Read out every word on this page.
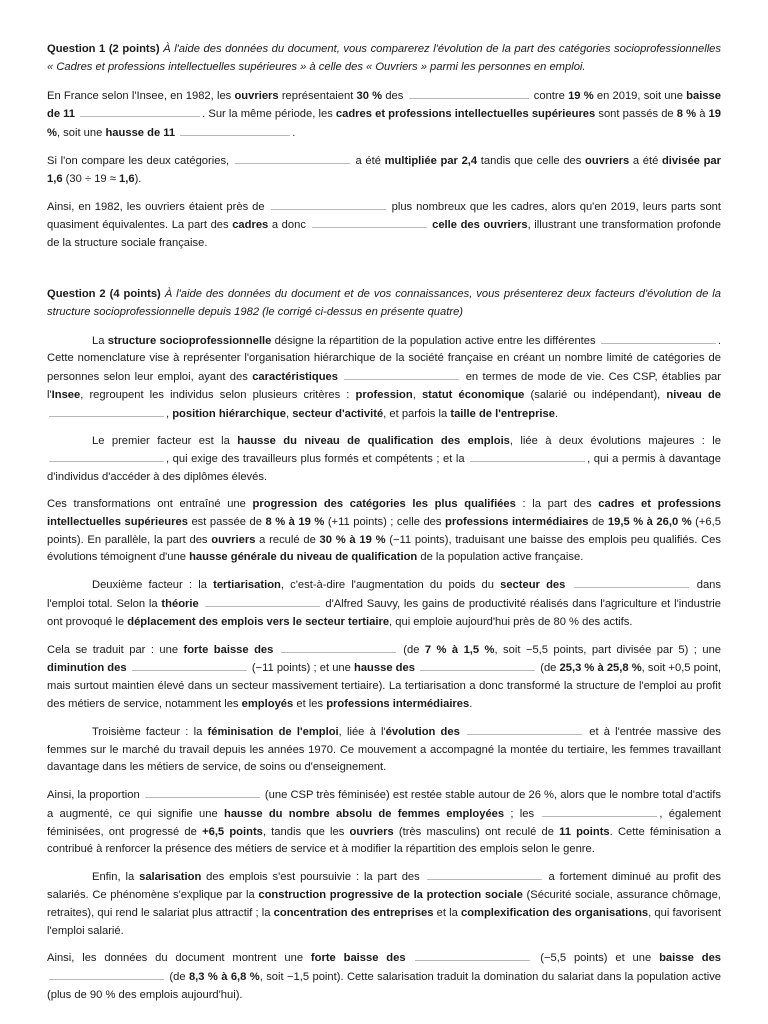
Question 1 (2 points) À l'aide des données du document, vous comparerez l'évolution de la part des catégories socioprofessionnelles « Cadres et professions intellectuelles supérieures » à celle des « Ouvriers » parmi les personnes en emploi.

En France selon l'Insee, en 1982, les ouvriers représentaient 30 % des	contre 19 % en 2019, soit une baisse de 11	. Sur la même période, les cadres et professions intellectuelles supérieures sont passés de 8 % à 19 %, soit une hausse de 11	.

Si l'on compare les deux catégories,	a été multipliée par 2,4 tandis que celle des ouvriers a été divisée par 1,6 (30 ÷ 19 ≈ 1,6).

Ainsi, en 1982, les ouvriers étaient près de	plus nombreux que les cadres, alors qu'en 2019, leurs parts sont quasiment équivalentes. La part des cadres a donc	celle des ouvriers, illustrant une transformation profonde de la structure sociale française.

Question 2 (4 points) À l'aide des données du document et de vos connaissances, vous présenterez deux facteurs d'évolution de la structure socioprofessionnelle depuis 1982 (le corrigé ci-dessus en présente quatre)

La structure socioprofessionnelle désigne la répartition de la population active entre les différentes	. Cette nomenclature vise à représenter l'organisation hiérarchique de la société française en créant un nombre limité de catégories de personnes selon leur emploi, ayant des caractéristiques	en termes de mode de vie. Ces CSP, établies par l'Insee, regroupent les individus selon plusieurs critères : profession, statut économique (salarié ou indépendant), niveau de , position hiérarchique, secteur d'activité, et parfois la taille de l'entreprise.

Le premier facteur est la hausse du niveau de qualification des emplois, liée à deux évolutions majeures : le , qui exige des travailleurs plus formés et compétents ; et la	, qui a permis à davantage d'individus d'accéder à des diplômes élevés.

Ces transformations ont entraîné une progression des catégories les plus qualifiées : la part des cadres et professions intellectuelles supérieures est passée de 8 % à 19 % (+11 points) ; celle des professions intermédiaires de 19,5 % à 26,0 % (+6,5 points). En parallèle, la part des ouvriers a reculé de 30 % à 19 % (−11 points), traduisant une baisse des emplois peu qualifiés. Ces évolutions témoignent d'une hausse générale du niveau de qualification de la population active française.

Deuxième facteur : la tertiarisation, c'est-à-dire l'augmentation du poids du secteur des	dans l'emploi total. Selon la théorie	d'Alfred Sauvy, les gains de productivité réalisés dans l'agriculture et l'industrie ont provoqué le déplacement des emplois vers le secteur tertiaire, qui emploie aujourd'hui près de 80 % des actifs.

Cela se traduit par : une forte baisse des	(de 7 % à 1,5 %, soit −5,5 points, part divisée par 5) ; une diminution des	(−11 points) ; et une hausse des	(de 25,3 % à 25,8 %, soit +0,5 point, mais surtout maintien élevé dans un secteur massivement tertiaire). La tertiarisation a donc transformé la structure de l'emploi au profit des métiers de service, notamment les employés et les professions intermédiaires.

Troisième facteur : la féminisation de l'emploi, liée à l'évolution des	et à l'entrée massive des femmes sur le marché du travail depuis les années 1970. Ce mouvement a accompagné la montée du tertiaire, les femmes travaillant davantage dans les métiers de service, de soins ou d'enseignement.

Ainsi, la proportion	(une CSP très féminisée) est restée stable autour de 26 %, alors que le nombre total d'actifs a augmenté, ce qui signifie une hausse du nombre absolu de femmes employées ; les	, également féminisées, ont progressé de +6,5 points, tandis que les ouvriers (très masculins) ont reculé de 11 points. Cette féminisation a contribué à renforcer la présence des métiers de service et à modifier la répartition des emplois selon le genre.

Enfin, la salarisation des emplois s'est poursuivie : la part des	a fortement diminué au profit des salariés. Ce phénomène s'explique par la construction progressive de la protection sociale (Sécurité sociale, assurance chômage, retraites), qui rend le salariat plus attractif ; la concentration des entreprises et la complexification des organisations, qui favorisent l'emploi salarié.

Ainsi, les données du document montrent une forte baisse des	(−5,5 points) et une baisse des  (de 8,3 % à 6,8 %, soit −1,5 point). Cette salarisation traduit la domination du salariat dans la population active (plus de 90 % des emplois aujourd'hui).
